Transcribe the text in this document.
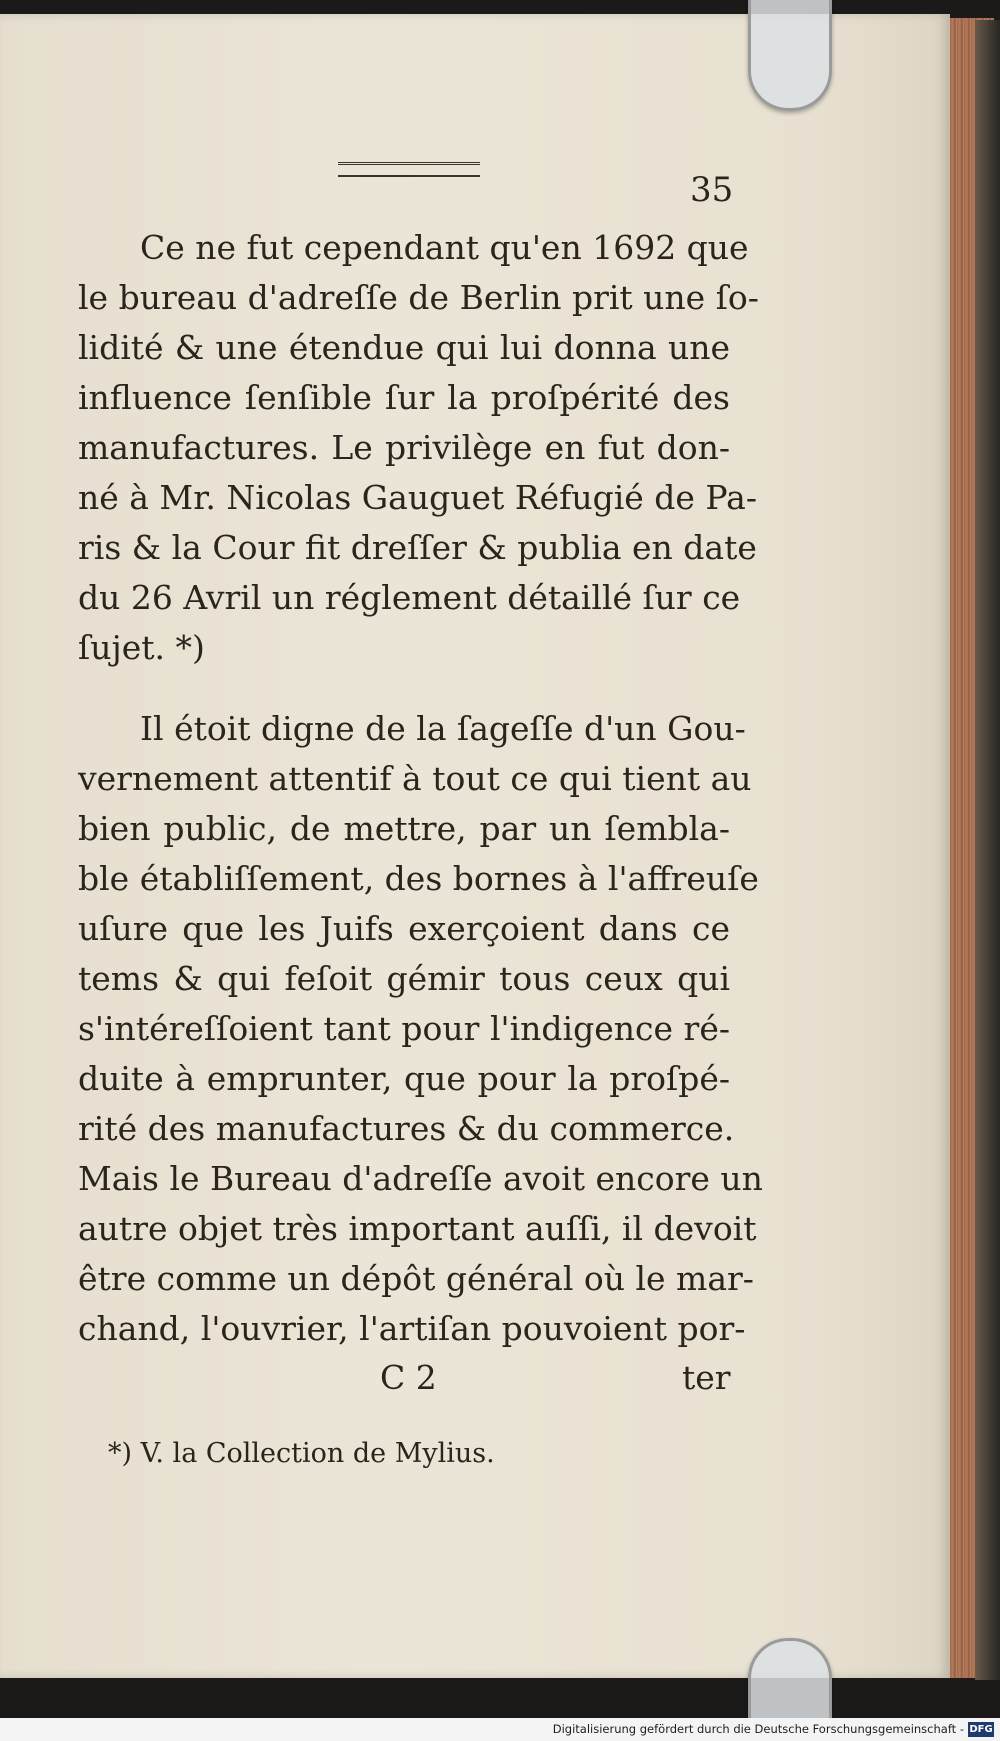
35
Ce ne fut cependant qu'en 1692 que
le bureau d'adreſſe de Berlin prit une ſo-
lidité & une étendue qui lui donna une
influence ſenſible ſur la proſpérité des
manufactures. Le privilège en fut don-
né à Mr. Nicolas Gauguet Réfugié de Pa-
ris & la Cour fit dreſſer & publia en date
du 26 Avril un réglement détaillé ſur ce
ſujet. *)
Il étoit digne de la ſageſſe d'un Gou-
vernement attentif à tout ce qui tient au
bien public, de mettre, par un ſembla-
ble établiſſement, des bornes à l'affreuſe
uſure que les Juifs exerçoient dans ce
tems & qui feſoit gémir tous ceux qui
s'intéreſſoient tant pour l'indigence ré-
duite à emprunter, que pour la proſpé-
rité des manufactures & du commerce.
Mais le Bureau d'adreſſe avoit encore un
autre objet très important auſſi, il devoit
être comme un dépôt général où le mar-
chand, l'ouvrier, l'artiſan pouvoient por-
C 2	ter
*) V. la Collection de Mylius.
Digitalisierung gefördert durch die Deutsche Forschungsgemeinschaft - DFG
